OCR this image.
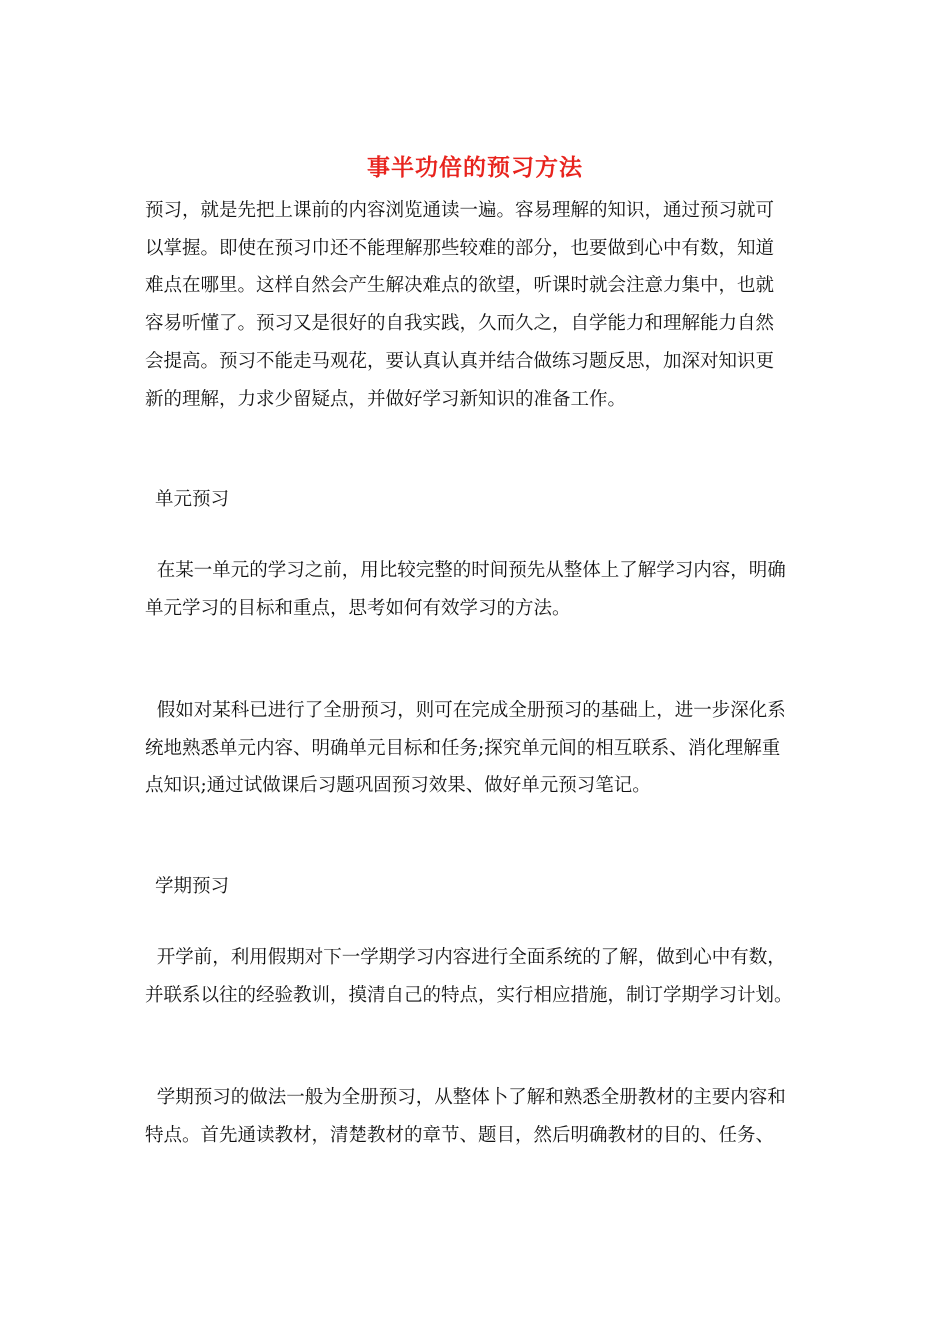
事半功倍的预习方法
预习，就是先把上课前的内容浏览通读一遍。容易理解的知识，通过预习就可
以掌握。即使在预习巾还不能理解那些较难的部分，也要做到心中有数，知道
难点在哪里。这样自然会产生解决难点的欲望，听课时就会注意力集中，也就
容易听懂了。预习又是很好的自我实践，久而久之，自学能力和理解能力自然
会提高。预习不能走马观花，要认真认真并结合做练习题反思，加深对知识更
新的理解，力求少留疑点，并做好学习新知识的准备工作。
单元预习
在某一单元的学习之前，用比较完整的时间预先从整体上了解学习内容，明确
单元学习的目标和重点，思考如何有效学习的方法。
假如对某科已进行了全册预习，则可在完成全册预习的基础上，进一步深化系
统地熟悉单元内容、明确单元目标和任务;探究单元间的相互联系、消化理解重
点知识;通过试做课后习题巩固预习效果、做好单元预习笔记。
学期预习
开学前，利用假期对下一学期学习内容进行全面系统的了解，做到心中有数，
并联系以往的经验教训，摸清自己的特点，实行相应措施，制订学期学习计划。
学期预习的做法一般为全册预习，从整体卜了解和熟悉全册教材的主要内容和
特点。首先通读教材，清楚教材的章节、题目，然后明确教材的目的、任务、
